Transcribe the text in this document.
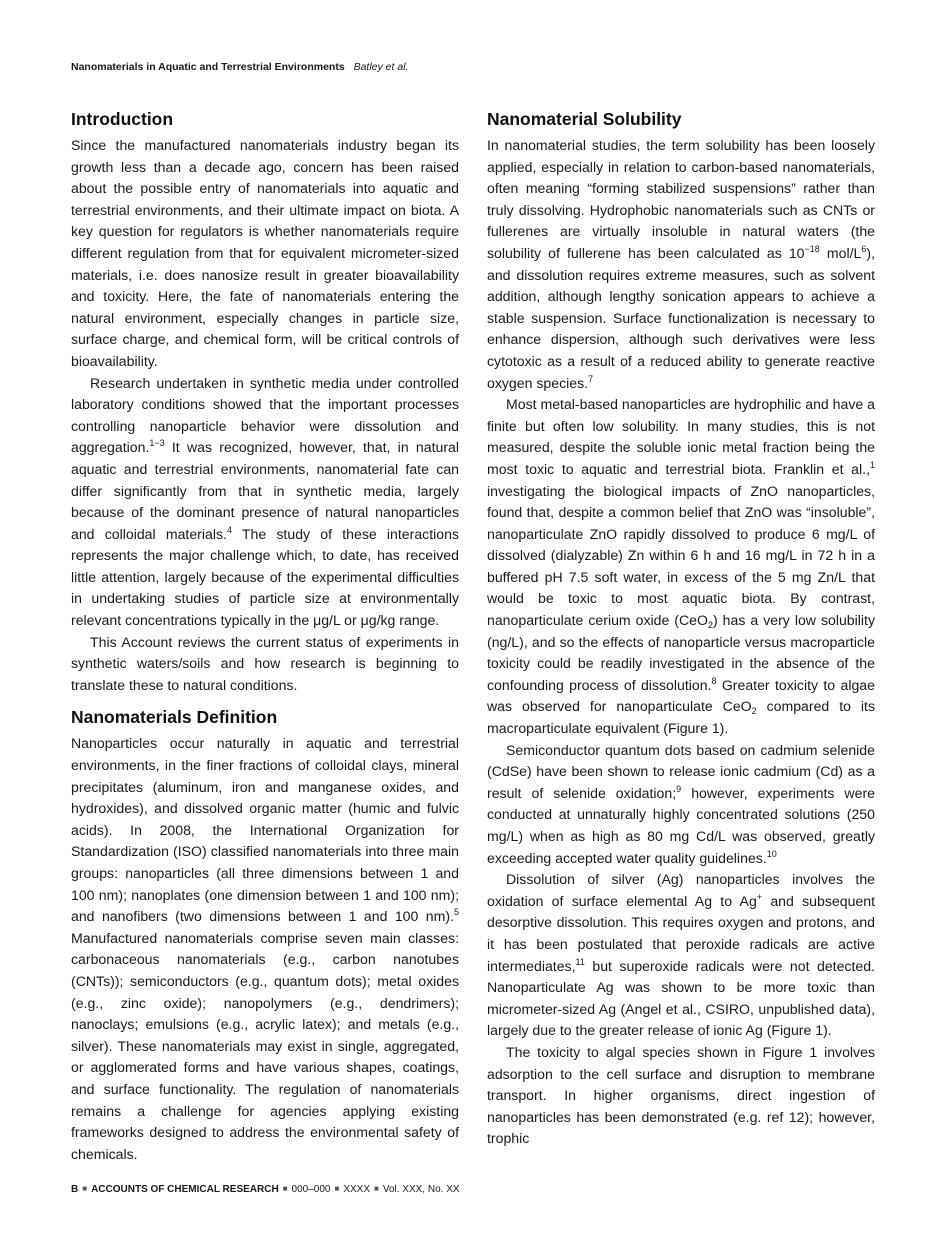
Nanomaterials in Aquatic and Terrestrial Environments Batley et al.
Introduction

Since the manufactured nanomaterials industry began its growth less than a decade ago, concern has been raised about the possible entry of nanomaterials into aquatic and terrestrial environments, and their ultimate impact on biota. A key question for regulators is whether nanomaterials require different regulation from that for equivalent micrometer-sized materials, i.e. does nanosize result in greater bioavailability and toxicity. Here, the fate of nanomaterials entering the natural environment, especially changes in particle size, surface charge, and chemical form, will be critical controls of bioavailability.

Research undertaken in synthetic media under controlled laboratory conditions showed that the important processes controlling nanoparticle behavior were dissolution and aggregation.$^{1-3}$ It was recognized, however, that, in natural aquatic and terrestrial environments, nanomaterial fate can differ significantly from that in synthetic media, largely because of the dominant presence of natural nanoparticles and colloidal materials.$^4$ The study of these interactions represents the major challenge which, to date, has received little attention, largely because of the experimental difficulties in undertaking studies of particle size at environmentally relevant concentrations typically in the μg/L or μg/kg range.

This Account reviews the current status of experiments in synthetic waters/soils and how research is beginning to translate these to natural conditions.

Nanomaterials Definition

Nanoparticles occur naturally in aquatic and terrestrial environments, in the finer fractions of colloidal clays, mineral precipitates (aluminum, iron and manganese oxides, and hydroxides), and dissolved organic matter (humic and fulvic acids). In 2008, the International Organization for Standardization (ISO) classified nanomaterials into three main groups: nanoparticles (all three dimensions between 1 and 100 nm); nanoplates (one dimension between 1 and 100 nm); and nanofibers (two dimensions between 1 and 100 nm).$^5$ Manufactured nanomaterials comprise seven main classes: carbonaceous nanomaterials (e.g., carbon nanotubes (CNTs)); semiconductors (e.g., quantum dots); metal oxides (e.g., zinc oxide); nanopolymers (e.g., dendrimers); nanoclays; emulsions (e.g., acrylic latex); and metals (e.g., silver). These nanomaterials may exist in single, aggregated, or agglomerated forms and have various shapes, coatings, and surface functionality. The regulation of nanomaterials remains a challenge for agencies applying existing frameworks designed to address the environmental safety of chemicals.

Nanomaterial Solubility

In nanomaterial studies, the term solubility has been loosely applied, especially in relation to carbon-based nanomaterials, often meaning “forming stabilized suspensions” rather than truly dissolving. Hydrophobic nanomaterials such as CNTs or fullerenes are virtually insoluble in natural waters (the solubility of fullerene has been calculated as $10^{-18}$ mol/$L^6$), and dissolution requires extreme measures, such as solvent addition, although lengthy sonication appears to achieve a stable suspension. Surface functionalization is necessary to enhance dispersion, although such derivatives were less cytotoxic as a result of a reduced ability to generate reactive oxygen species.$^7$

Most metal-based nanoparticles are hydrophilic and have a finite but often low solubility. In many studies, this is not measured, despite the soluble ionic metal fraction being the most toxic to aquatic and terrestrial biota. Franklin et al.,$^1$ investigating the biological impacts of ZnO nanoparticles, found that, despite a common belief that ZnO was “insoluble”, nanoparticulate ZnO rapidly dissolved to produce 6 mg/L of dissolved (dialyzable) Zn within 6 h and 16 mg/L in 72 h in a buffered pH 7.5 soft water, in excess of the 5 mg Zn/L that would be toxic to most aquatic biota. By contrast, nanoparticulate cerium oxide (CeO$_2$) has a very low solubility (ng/L), and so the effects of nanoparticle versus macroparticle toxicity could be readily investigated in the absence of the confounding process of dissolution.$^8$ Greater toxicity to algae was observed for nanoparticulate CeO$_2$ compared to its macroparticulate equivalent (Figure 1).

Semiconductor quantum dots based on cadmium selenide (CdSe) have been shown to release ionic cadmium (Cd) as a result of selenide oxidation;$^9$ however, experiments were conducted at unnaturally highly concentrated solutions (250 mg/L) when as high as 80 mg Cd/L was observed, greatly exceeding accepted water quality guidelines.$^{10}$

Dissolution of silver (Ag) nanoparticles involves the oxidation of surface elemental Ag to Ag+ and subsequent desorptive dissolution. This requires oxygen and protons, and it has been postulated that peroxide radicals are active intermediates,$^{11}$ but superoxide radicals were not detected. Nanoparticulate Ag was shown to be more toxic than micrometer-sized Ag (Angel et al., CSIRO, unpublished data), largely due to the greater release of ionic Ag (Figure 1).

The toxicity to algal species shown in Figure 1 involves adsorption to the cell surface and disruption to membrane transport. In higher organisms, direct ingestion of nanoparticles has been demonstrated (e.g. ref 12); however, trophic

B ■ ACCOUNTS OF CHEMICAL RESEARCH ■ 000–000 ■ XXXX ■ Vol. XXX, No. XX
